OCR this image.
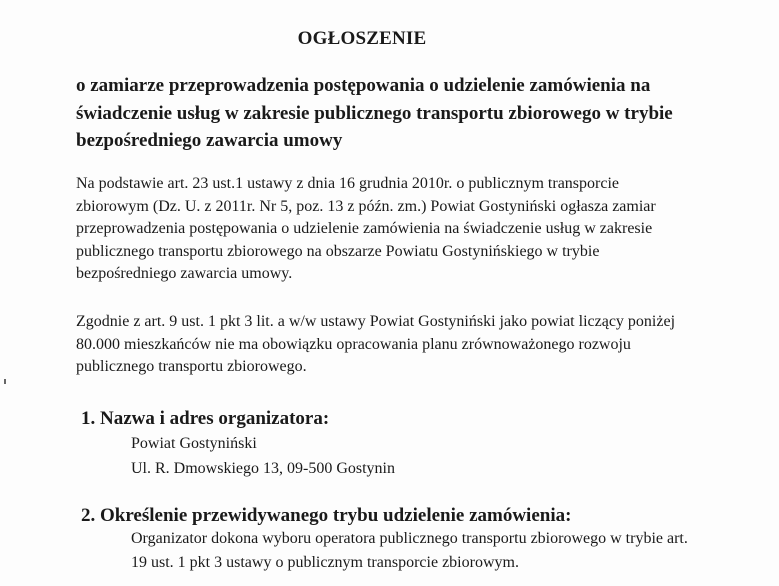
OGŁOSZENIE
o zamiarze przeprowadzenia postępowania o udzielenie zamówienia na
świadczenie usług w zakresie publicznego transportu zbiorowego w trybie
bezpośredniego zawarcia umowy
Na podstawie art. 23 ust.1 ustawy z dnia 16 grudnia 2010r. o publicznym transporcie
zbiorowym (Dz. U. z 2011r. Nr 5, poz. 13 z późn. zm.) Powiat Gostyniński ogłasza zamiar
przeprowadzenia postępowania o udzielenie zamówienia na świadczenie usług w zakresie
publicznego transportu zbiorowego na obszarze Powiatu Gostynińskiego w trybie
bezpośredniego zawarcia umowy.
Zgodnie z art. 9 ust. 1 pkt 3 lit. a w/w ustawy Powiat Gostyniński jako powiat liczący poniżej
80.000 mieszkańców nie ma obowiązku opracowania planu zrównoważonego rozwoju
publicznego transportu zbiorowego.
1. Nazwa i adres organizatora:
Powiat Gostyniński
Ul. R. Dmowskiego 13, 09-500 Gostynin
2. Określenie przewidywanego trybu udzielenie zamówienia:
Organizator dokona wyboru operatora publicznego transportu zbiorowego w trybie art.
19 ust. 1 pkt 3 ustawy o publicznym transporcie zbiorowym.
